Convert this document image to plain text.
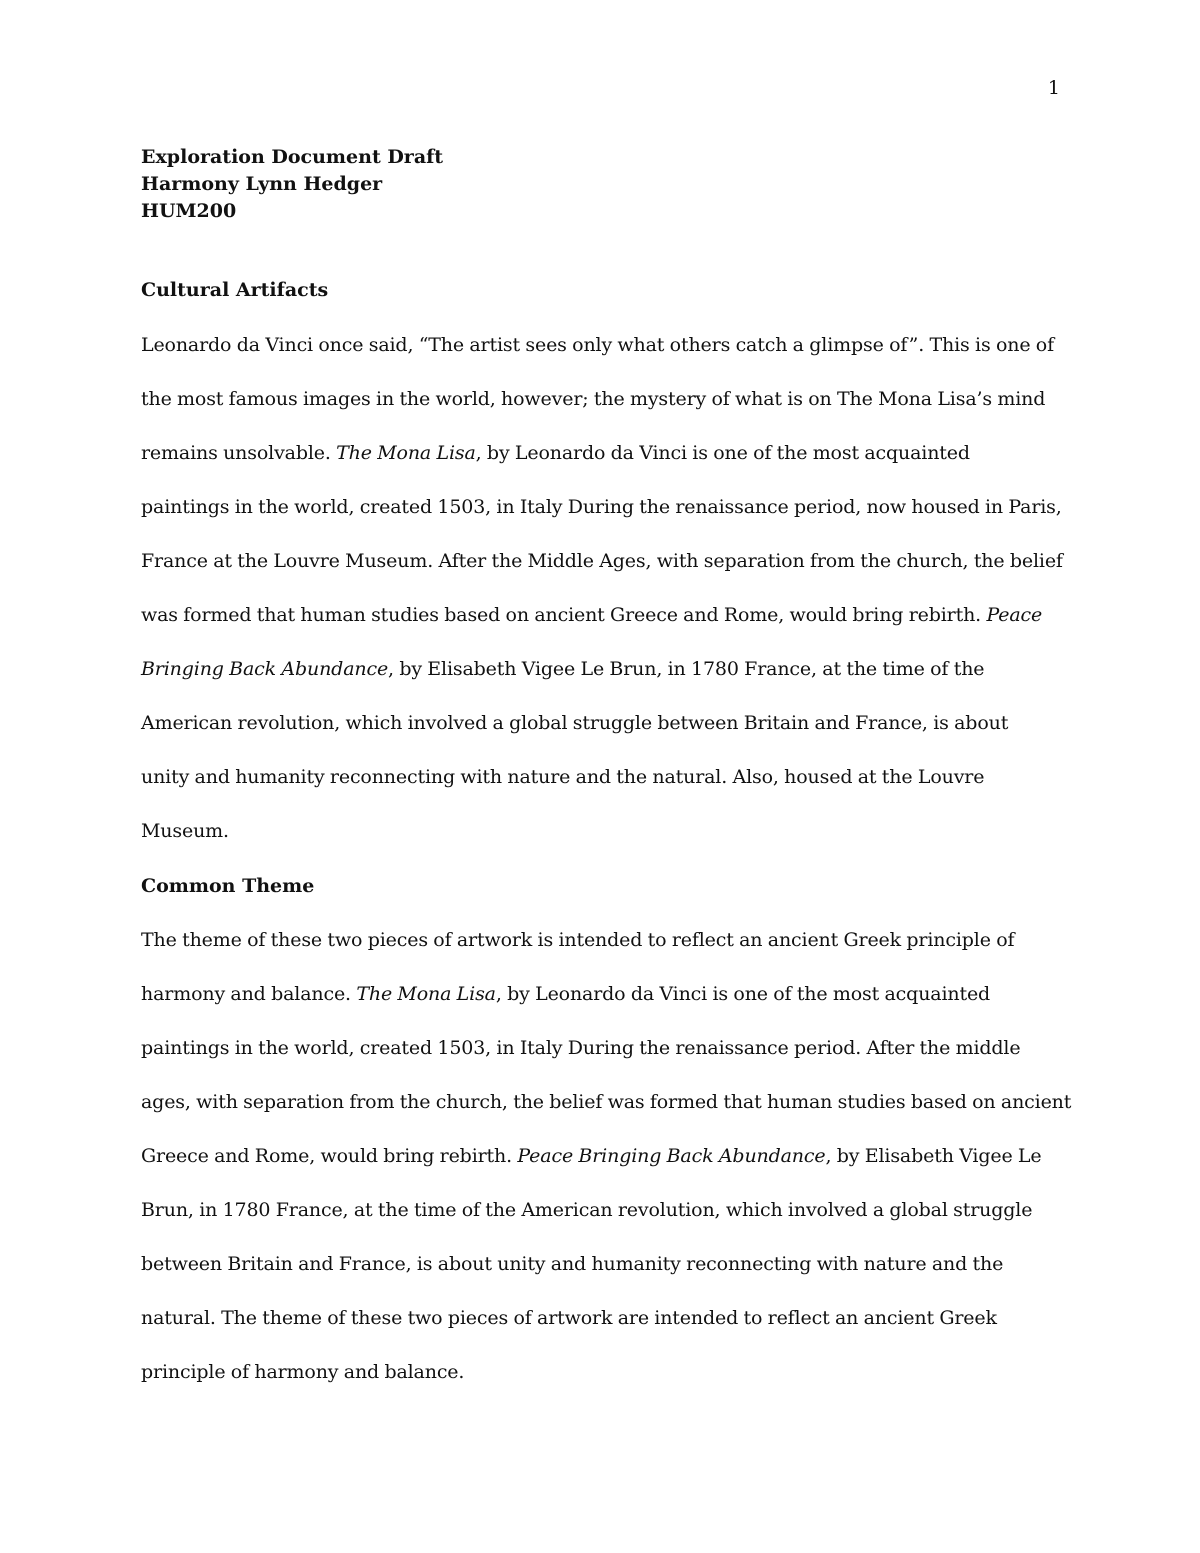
1
Exploration Document Draft
Harmony Lynn Hedger
HUM200
Cultural Artifacts
Leonardo da Vinci once said, “The artist sees only what others catch a glimpse of”. This is one of
the most famous images in the world, however; the mystery of what is on The Mona Lisa’s mind
remains unsolvable. The Mona Lisa, by Leonardo da Vinci is one of the most acquainted
paintings in the world, created 1503, in Italy During the renaissance period, now housed in Paris,
France at the Louvre Museum. After the Middle Ages, with separation from the church, the belief
was formed that human studies based on ancient Greece and Rome, would bring rebirth. Peace
Bringing Back Abundance, by Elisabeth Vigee Le Brun, in 1780 France, at the time of the
American revolution, which involved a global struggle between Britain and France, is about
unity and humanity reconnecting with nature and the natural. Also, housed at the Louvre
Museum.
Common Theme
The theme of these two pieces of artwork is intended to reflect an ancient Greek principle of
harmony and balance. The Mona Lisa, by Leonardo da Vinci is one of the most acquainted
paintings in the world, created 1503, in Italy During the renaissance period. After the middle
ages, with separation from the church, the belief was formed that human studies based on ancient
Greece and Rome, would bring rebirth. Peace Bringing Back Abundance, by Elisabeth Vigee Le
Brun, in 1780 France, at the time of the American revolution, which involved a global struggle
between Britain and France, is about unity and humanity reconnecting with nature and the
natural. The theme of these two pieces of artwork are intended to reflect an ancient Greek
principle of harmony and balance.
